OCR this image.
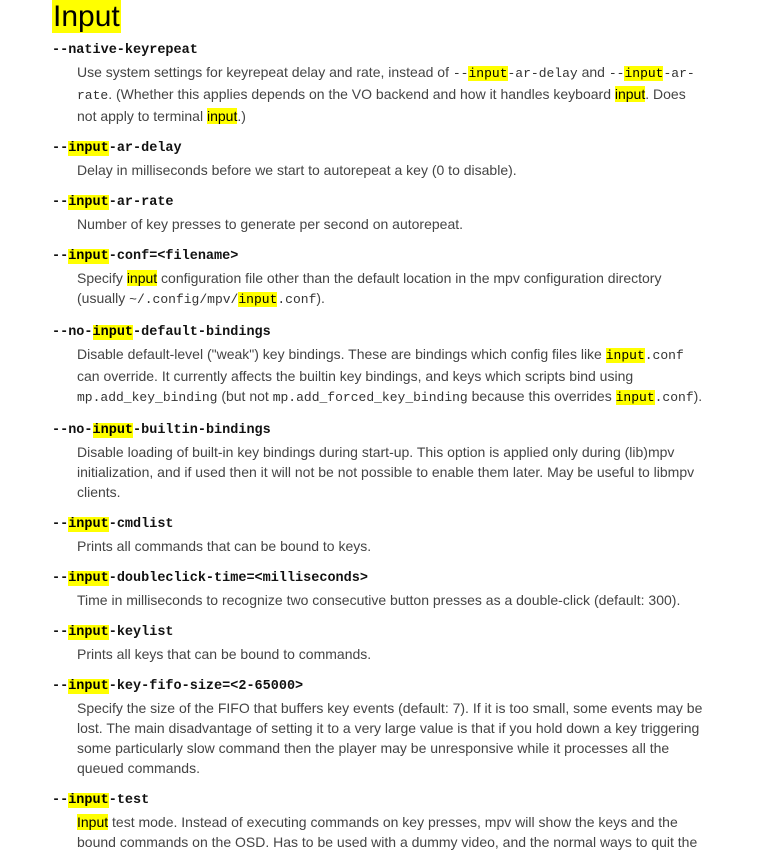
Input
--native-keyrepeat
Use system settings for keyrepeat delay and rate, instead of --input-ar-delay and --input-ar-rate. (Whether this applies depends on the VO backend and how it handles keyboard input. Does not apply to terminal input.)
--input-ar-delay
Delay in milliseconds before we start to autorepeat a key (0 to disable).
--input-ar-rate
Number of key presses to generate per second on autorepeat.
--input-conf=<filename>
Specify input configuration file other than the default location in the mpv configuration directory (usually ~/.config/mpv/input.conf).
--no-input-default-bindings
Disable default-level ("weak") key bindings. These are bindings which config files like input.conf can override. It currently affects the builtin key bindings, and keys which scripts bind using mp.add_key_binding (but not mp.add_forced_key_binding because this overrides input.conf).
--no-input-builtin-bindings
Disable loading of built-in key bindings during start-up. This option is applied only during (lib)mpv initialization, and if used then it will not be not possible to enable them later. May be useful to libmpv clients.
--input-cmdlist
Prints all commands that can be bound to keys.
--input-doubleclick-time=<milliseconds>
Time in milliseconds to recognize two consecutive button presses as a double-click (default: 300).
--input-keylist
Prints all keys that can be bound to commands.
--input-key-fifo-size=<2-65000>
Specify the size of the FIFO that buffers key events (default: 7). If it is too small, some events may be lost. The main disadvantage of setting it to a very large value is that if you hold down a key triggering some particularly slow command then the player may be unresponsive while it processes all the queued commands.
--input-test
Input test mode. Instead of executing commands on key presses, mpv will show the keys and the bound commands on the OSD. Has to be used with a dummy video, and the normal ways to quit the
